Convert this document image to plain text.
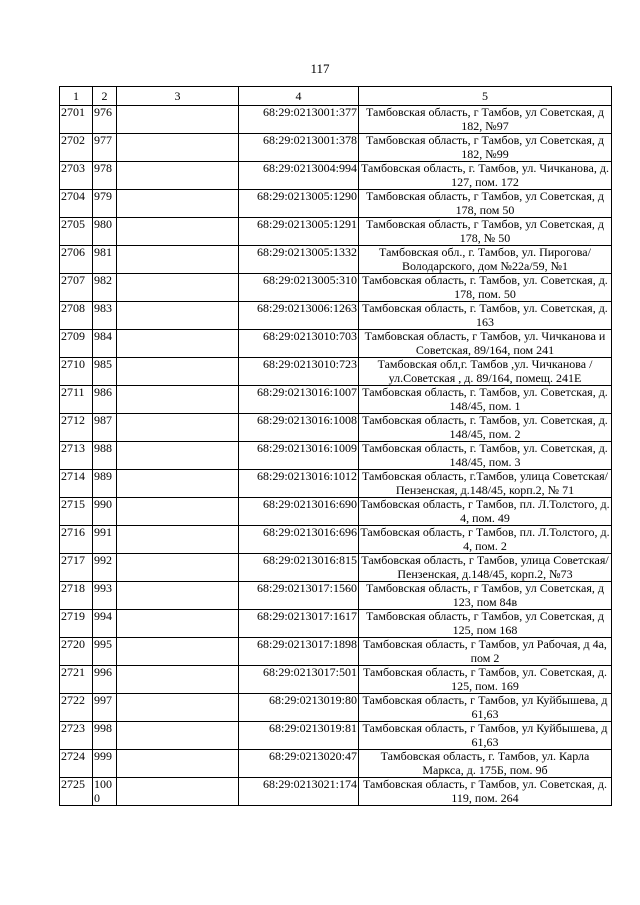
117
1	2	3	4	5
2701	976		68:29:0213001:377	Тамбовская область, г Тамбов, ул Советская, д 182, №97
2702	977		68:29:0213001:378	Тамбовская область, г Тамбов, ул Советская, д 182, №99
2703	978		68:29:0213004:994	Тамбовская область, г. Тамбов, ул. Чичканова, д. 127, пом. 172
2704	979		68:29:0213005:1290	Тамбовская область, г Тамбов, ул Советская, д 178, пом 50
2705	980		68:29:0213005:1291	Тамбовская область, г Тамбов, ул Советская, д 178, № 50
2706	981		68:29:0213005:1332	Тамбовская обл., г. Тамбов, ул. Пирогова/Володарского, дом №22а/59, №1
2707	982		68:29:0213005:310	Тамбовская область, г. Тамбов, ул. Советская, д. 178, пом. 50
2708	983		68:29:0213006:1263	Тамбовская область, г. Тамбов, ул. Советская, д. 163
2709	984		68:29:0213010:703	Тамбовская область, г Тамбов, ул. Чичканова и Советская, 89/164, пом 241
2710	985		68:29:0213010:723	Тамбовская обл,г. Тамбов ,ул. Чичканова /ул.Советская , д. 89/164, помещ. 241Е
2711	986		68:29:0213016:1007	Тамбовская область, г. Тамбов, ул. Советская, д. 148/45, пом. 1
2712	987		68:29:0213016:1008	Тамбовская область, г. Тамбов, ул. Советская, д. 148/45, пом. 2
2713	988		68:29:0213016:1009	Тамбовская область, г. Тамбов, ул. Советская, д. 148/45, пом. 3
2714	989		68:29:0213016:1012	Тамбовская область, г.Тамбов, улица Советская/Пензенская, д.148/45, корп.2, № 71
2715	990		68:29:0213016:690	Тамбовская область, г Тамбов, пл. Л.Толстого, д. 4, пом. 49
2716	991		68:29:0213016:696	Тамбовская область, г Тамбов, пл. Л.Толстого, д. 4, пом. 2
2717	992		68:29:0213016:815	Тамбовская область, г Тамбов, улица Советская/Пензенская, д.148/45, корп.2, №73
2718	993		68:29:0213017:1560	Тамбовская область, г Тамбов, ул Советская, д 123, пом 84в
2719	994		68:29:0213017:1617	Тамбовская область, г Тамбов, ул Советская, д 125, пом 168
2720	995		68:29:0213017:1898	Тамбовская область, г Тамбов, ул Рабочая, д 4а, пом 2
2721	996		68:29:0213017:501	Тамбовская область, г Тамбов, ул. Советская, д. 125, пом. 169
2722	997		68:29:0213019:80	Тамбовская область, г Тамбов, ул Куйбышева, д 61,63
2723	998		68:29:0213019:81	Тамбовская область, г Тамбов, ул Куйбышева, д 61,63
2724	999		68:29:0213020:47	Тамбовская область, г. Тамбов, ул. Карла Маркса, д. 175Б, пом. 9б
2725	1000		68:29:0213021:174	Тамбовская область, г Тамбов, ул. Советская, д. 119, пом. 264
